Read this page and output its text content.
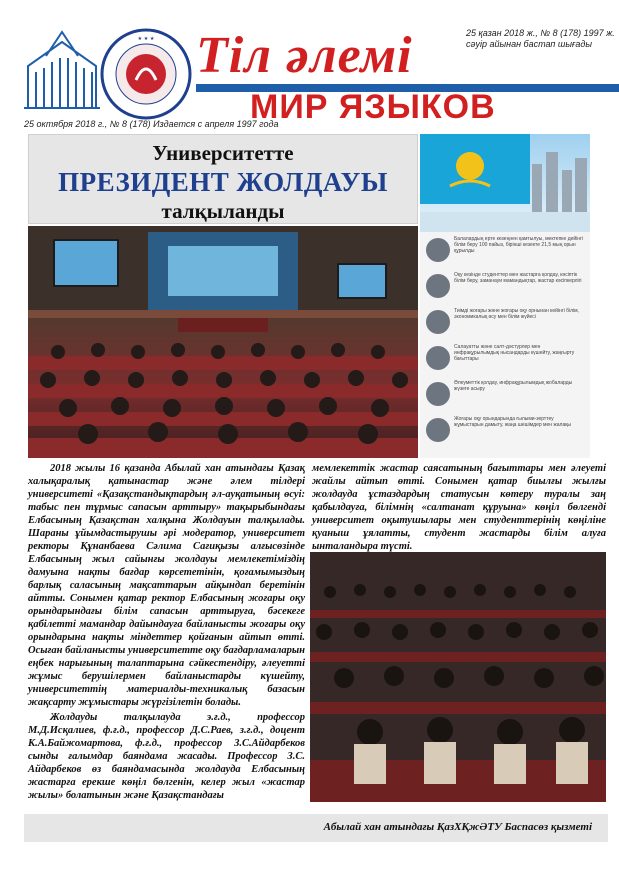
★ ★ ★ Тіл әлемі
МИР ЯЗЫКОВ
25 қазан 2018 ж., № 8 (178) 1997 ж. сәуір айынан бастап шығады
25 октября 2018 г., № 8 (178) Издается с апреля 1997 года
Университетте
ПРЕЗИДЕНТ ЖОЛДАУЫ
талқыланды
Балалардың ерте кезеңнен қамтылуы, мектепке дейінгі білім беру 100 пайыз, бірінші кезекте 21,5 мың орын құрылды
Оқу кезінде студенттер мен жастарға қолдау, кәсіптік білім беру, заманауи мамандықтар, жастар кәсіпкерлігі
Тиімді жоғары және жоғары оқу орнынан кейінгі білім, экономикалық өсу мен білім жүйесі
Салауатты және салт-дәстүрлер мен инфрақұрылымдық нысандарды күшейту, жаңғырту бағыттары
Әлеуметтік қолдау, инфрақұрылымдық жобаларды жүзеге асыру
Жоғары оқу орындарында ғылыми-зерттеу жұмыстарын дамыту, жаңа шешімдер мен жалақы

2018 жылы 16 қазанда Абылай хан атындағы Қазақ халықаралық қатынастар және әлем тілдері университеті «Қазақстандықтардың әл-ауқатының өсуі: табыс пен тұрмыс сапасын арттыру» тақырыбындағы Елбасының Қазақстан халқына Жолдауын талқылады. Шараны ұйымдастырушы әрі модератор, университет ректоры Құнанбаева Сәлима Сағиқызы алғысөзінде Елбасының жыл сайынғы жолдауы мемлекетіміздің дамуына нақты бағдар көрсететінін, қоғамымыздың барлық саласының мақсаттарын айқындап беретінін айтты. Сонымен қатар ректор Елбасының жоғары оқу орындарындағы білім сапасын арттыруға, бәсекеге қабілетті мамандар дайындауға байланысты жоғары оқу орындарына нақты міндеттер қойғанын айтып өтті. Осыған байланысты университетте оқу бағдарламаларын еңбек нарығының талаптарына сәйкестендіру, әлеуетті жұмыс берушілермен байланыстарды күшейту, университеттің материалды-техникалық базасын жақсарту жұмыстары жүргізілетін болады.

Жолдауды талқылауда э.ғ.д., профессор М.Д.Исқалиев, ф.ғ.д., профессор Д.С.Раев, з.ғ.д., доцент К.А.Байжомартова, ф.ғ.д., профессор З.С.Айдарбеков сынды ғалымдар баяндама жасады. Профессор З.С. Айдарбеков өз баяндамасында жолдауда Елбасының жастарға ерекше көңіл бөлгенін, келер жыл «жастар жылы» болатынын және Қазақстандағы

мемлекеттік жастар саясатының бағыттары мен әлеуеті жайлы айтып өтті. Сонымен қатар биылғы жылғы жолдауда ұстаздардың статусын көтеру туралы заң қабылдауға, білімнің «салтанат құруына» көңіл бөлгенді университет оқытушылары мен студенттерінің көңіліне қуаныш ұялатты, студент жастарды білім алуға ынталандыра түсті.

Абылай хан атындағы ҚазХҚжӘТУ Баспасөз қызметі
